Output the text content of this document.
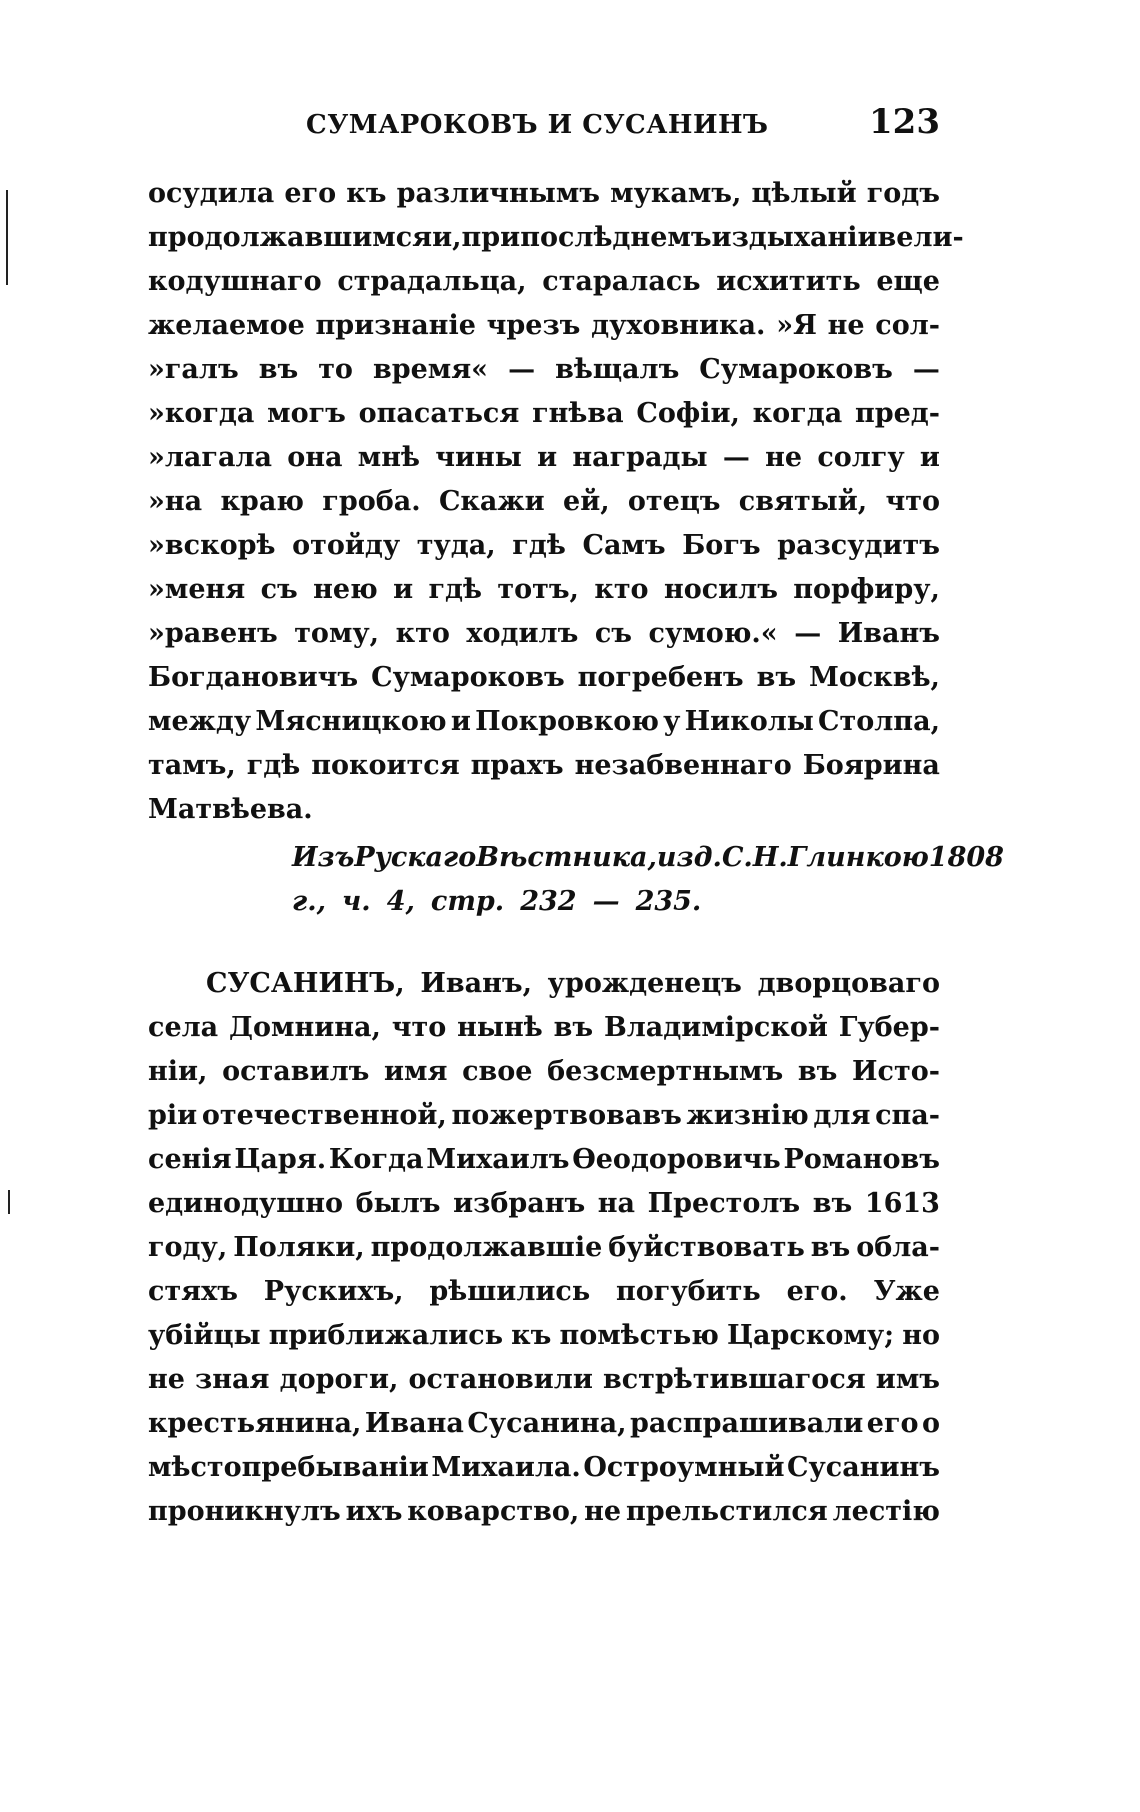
СУМАРОКОВЪ И СУСАНИНЪ	123
осудила его къ различнымъ мукамъ, цѣлый годъ
продолжавшимся и, при послѣднемъ издыханіи вели-
кодушнаго страдальца, старалась исхитить еще
желаемое признаніе чрезъ духовника. »Я не сол-
»галъ въ то время« — вѣщалъ Сумароковъ —
»когда могъ опасаться гнѣва Софіи, когда пред-
»лагала она мнѣ чины и награды — не солгу и
»на краю гроба. Скажи ей, отецъ святый, что
»вскорѣ отойду туда, гдѣ Самъ Богъ разсудитъ
»меня съ нею и гдѣ тотъ, кто носилъ порфиру,
»равенъ тому, кто ходилъ съ сумою.« — Иванъ
Богдановичъ Сумароковъ погребенъ въ Москвѣ,
между Мясницкою и Покровкою у Николы Столпа,
тамъ, гдѣ покоится прахъ незабвеннаго Боярина
Матвѣева.
Изъ Рускаго Вѣстника, изд. С. Н. Глинкою 1808
г., ч. 4, стр. 232 — 235.
СУСАНИНЪ, Иванъ, урожденецъ дворцоваго
села Домнина, что нынѣ въ Владимірской Губер-
ніи, оставилъ имя свое безсмертнымъ въ Исто-
ріи отечественной, пожертвовавъ жизнію для спа-
сенія Царя. Когда Михаилъ Ѳеодоровичь Романовъ
единодушно былъ избранъ на Престолъ въ 1613
году, Поляки, продолжавшіе буйствовать въ обла-
стяхъ Рускихъ, рѣшились погубить его. Уже
убійцы приближались къ помѣстью Царскому; но
не зная дороги, остановили встрѣтившагося имъ
крестьянина, Ивана Сусанина, распрашивали его о
мѣстопребываніи Михаила. Остроумный Сусанинъ
проникнулъ ихъ коварство, не прельстился лестію
